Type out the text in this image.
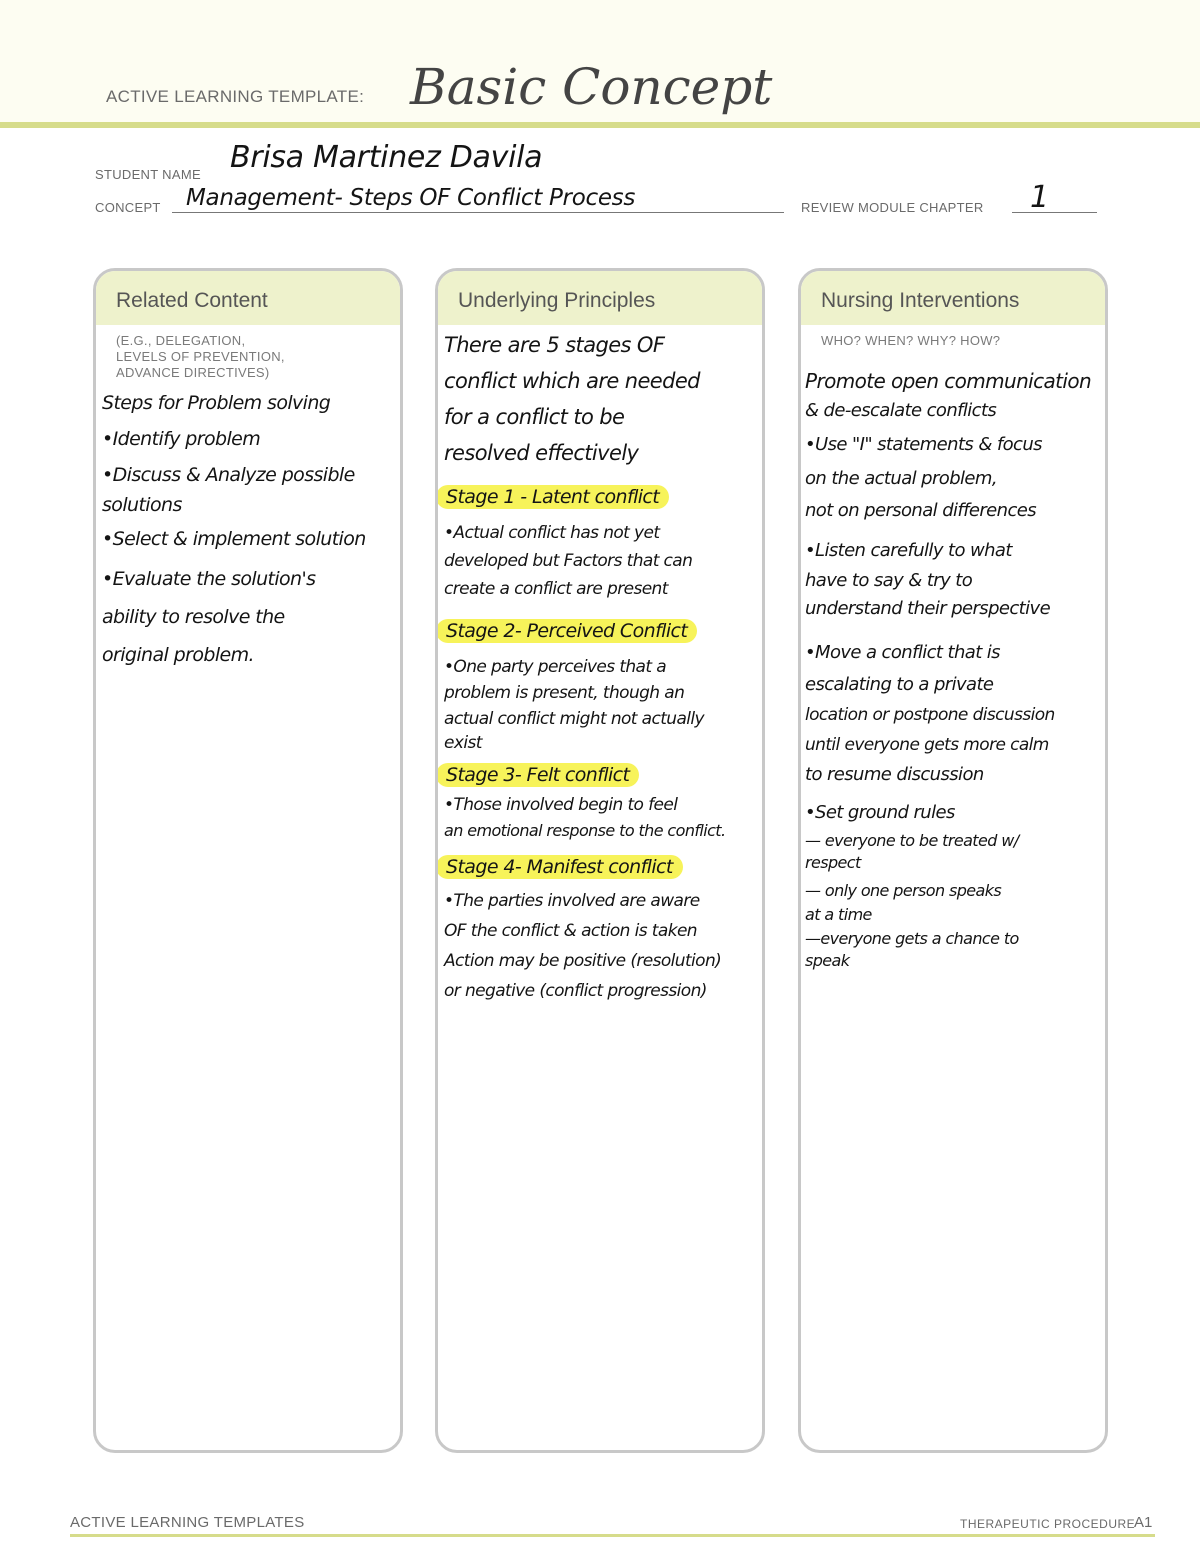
ACTIVE LEARNING TEMPLATE: Basic Concept
STUDENT NAME Brisa Martinez Davila
CONCEPT Management- Steps OF Conflict Process	REVIEW MODULE CHAPTER 1
Related Content
(E.G., DELEGATION,
LEVELS OF PREVENTION,
ADVANCE DIRECTIVES)
Steps for Problem solving
•Identify problem
•Discuss & Analyze possible
solutions
•Select & implement solution
•Evaluate the solution's
ability to resolve the
original problem.
Underlying Principles
There are 5 stages OF
conflict which are needed
for a conflict to be
resolved effectively
Stage 1 - Latent conflict
•Actual conflict has not yet
developed but Factors that can
create a conflict are present
Stage 2- Perceived Conflict
•One party perceives that a
problem is present, though an
actual conflict might not actually
exist
Stage 3- Felt conflict
•Those involved begin to feel
an emotional response to the conflict.
Stage 4- Manifest conflict
•The parties involved are aware
OF the conflict & action is taken
Action may be positive (resolution)
or negative (conflict progression)
Nursing Interventions
WHO? WHEN? WHY? HOW?
Promote open communication
& de-escalate conflicts
•Use "I" statements & focus
on the actual problem,
not on personal differences
•Listen carefully to what
have to say & try to
understand their perspective
•Move a conflict that is
escalating to a private
location or postpone discussion
until everyone gets more calm
to resume discussion
•Set ground rules
— everyone to be treated w/
respect
— only one person speaks
at a time
—everyone gets a chance to
speak
ACTIVE LEARNING TEMPLATES	THERAPEUTIC PROCEDURE
A1
